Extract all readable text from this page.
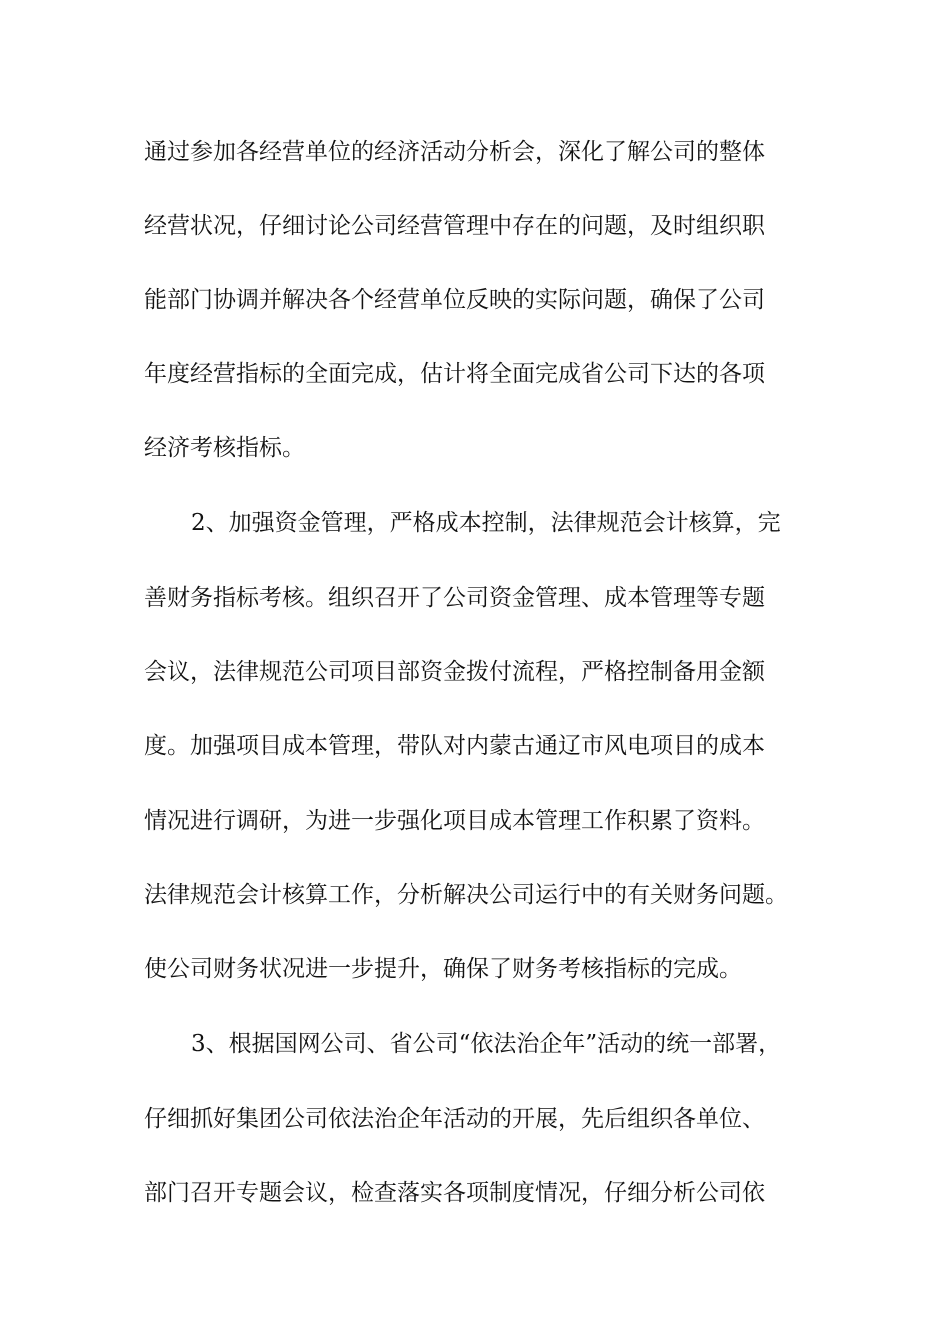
通过参加各经营单位的经济活动分析会，深化了解公司的整体
经营状况，仔细讨论公司经营管理中存在的问题，及时组织职
能部门协调并解决各个经营单位反映的实际问题，确保了公司
年度经营指标的全面完成，估计将全面完成省公司下达的各项
经济考核指标。
2、加强资金管理，严格成本控制，法律规范会计核算，完
善财务指标考核。组织召开了公司资金管理、成本管理等专题
会议，法律规范公司项目部资金拨付流程，严格控制备用金额
度。加强项目成本管理，带队对内蒙古通辽市风电项目的成本
情况进行调研，为进一步强化项目成本管理工作积累了资料。
法律规范会计核算工作，分析解决公司运行中的有关财务问题。
使公司财务状况进一步提升，确保了财务考核指标的完成。
3、根据国网公司、省公司“依法治企年”活动的统一部署，
仔细抓好集团公司依法治企年活动的开展，先后组织各单位、
部门召开专题会议，检查落实各项制度情况，仔细分析公司依
